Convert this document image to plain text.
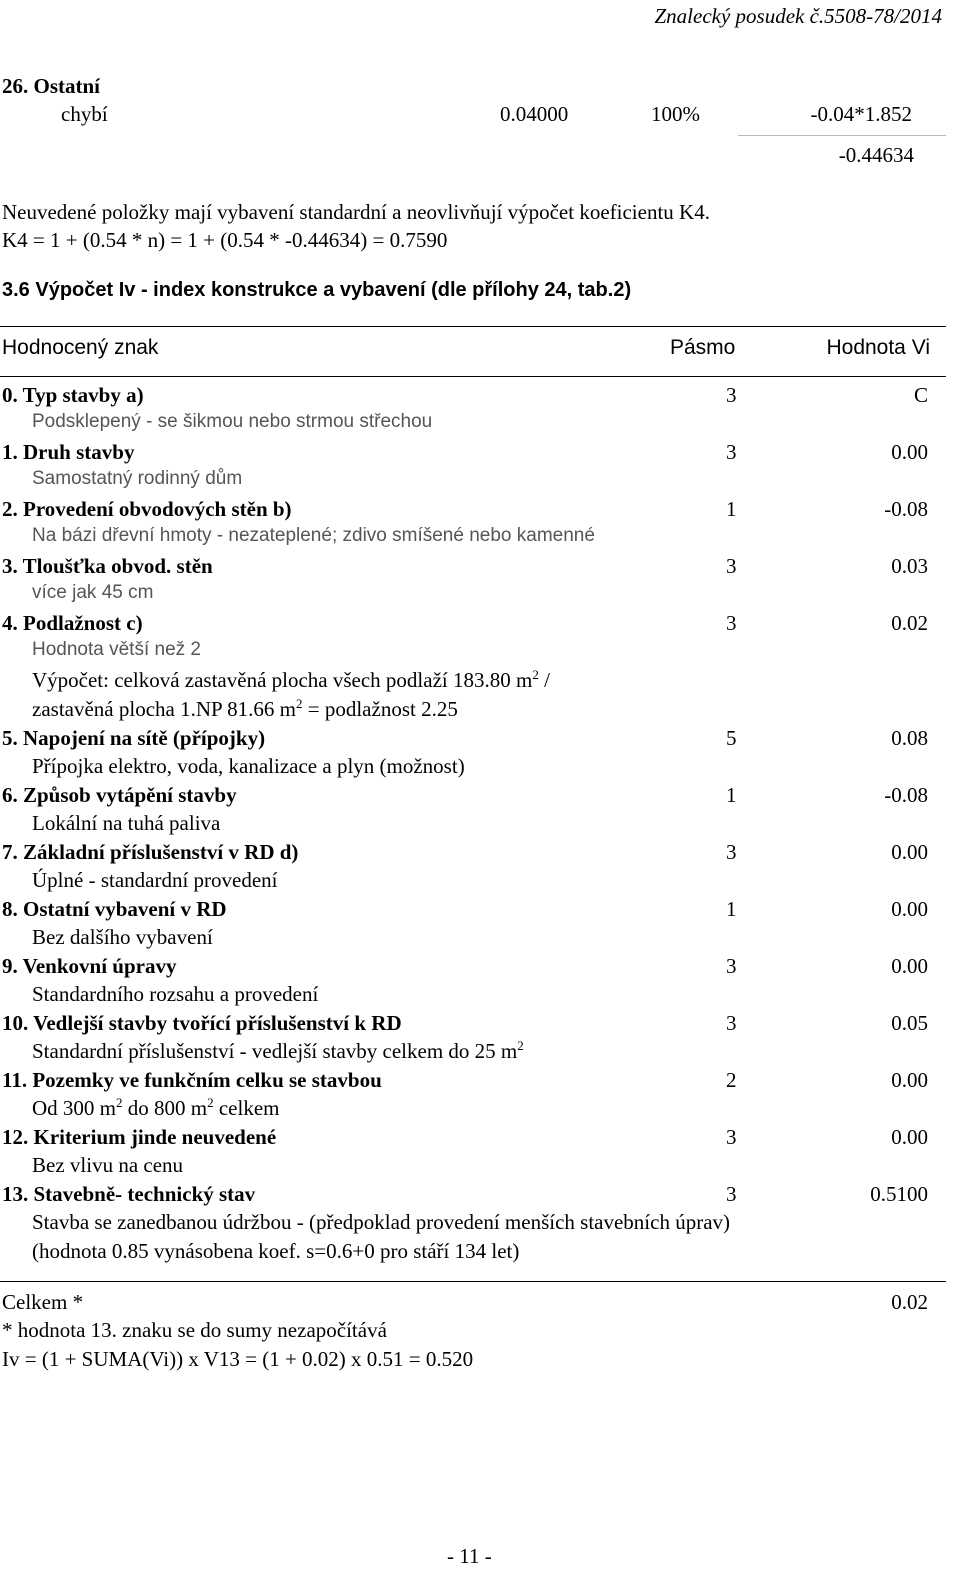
Znalecký posudek č.5508-78/2014
26. Ostatní
chybí	0.04000	100%	-0.04*1.852
-0.44634
Neuvedené položky mají vybavení standardní a neovlivňují výpočet koeficientu K4.
K4 = 1 + (0.54 * n) = 1 + (0.54 * -0.44634) = 0.7590
3.6 Výpočet Iv - index konstrukce a vybavení (dle přílohy 24, tab.2)
Hodnocený znak	Pásmo	Hodnota Vi
0. Typ stavby a)	3	C
Podsklepený - se šikmou nebo strmou střechou
1. Druh stavby	3	0.00
Samostatný rodinný dům
2. Provedení obvodových stěn b)	1	-0.08
Na bázi dřevní hmoty - nezateplené; zdivo smíšené nebo kamenné
3. Tloušťka obvod. stěn	3	0.03
více jak 45 cm
4. Podlažnost c)	3	0.02
Hodnota větší než 2
Výpočet: celková zastavěná plocha všech podlaží 183.80 $m^2$ /
zastavěná plocha 1.NP 81.66 $m^2$ = podlažnost 2.25
5. Napojení na sítě (přípojky)	5	0.08
Přípojka elektro, voda, kanalizace a plyn (možnost)
6. Způsob vytápění stavby	1	-0.08
Lokální na tuhá paliva
7. Základní příslušenství v RD d)	3	0.00
Úplné - standardní provedení
8. Ostatní vybavení v RD	1	0.00
Bez dalšího vybavení
9. Venkovní úpravy	3	0.00
Standardního rozsahu a provedení
10. Vedlejší stavby tvořící příslušenství k RD	3	0.05
Standardní příslušenství - vedlejší stavby celkem do 25 $m^2$
11. Pozemky ve funkčním celku se stavbou	2	0.00
Od 300 $m^2$ do 800 $m^2$ celkem
12. Kriterium jinde neuvedené	3	0.00
Bez vlivu na cenu
13. Stavebně- technický stav	3	0.5100
Stavba se zanedbanou údržbou - (předpoklad provedení menších stavebních úprav)
(hodnota 0.85 vynásobena koef. s=0.6+0 pro stáří 134 let)
Celkem *	0.02
* hodnota 13. znaku se do sumy nezapočítává
Iv = (1 + SUMA(Vi)) x V13 = (1 + 0.02) x 0.51 = 0.520
- 11 -
